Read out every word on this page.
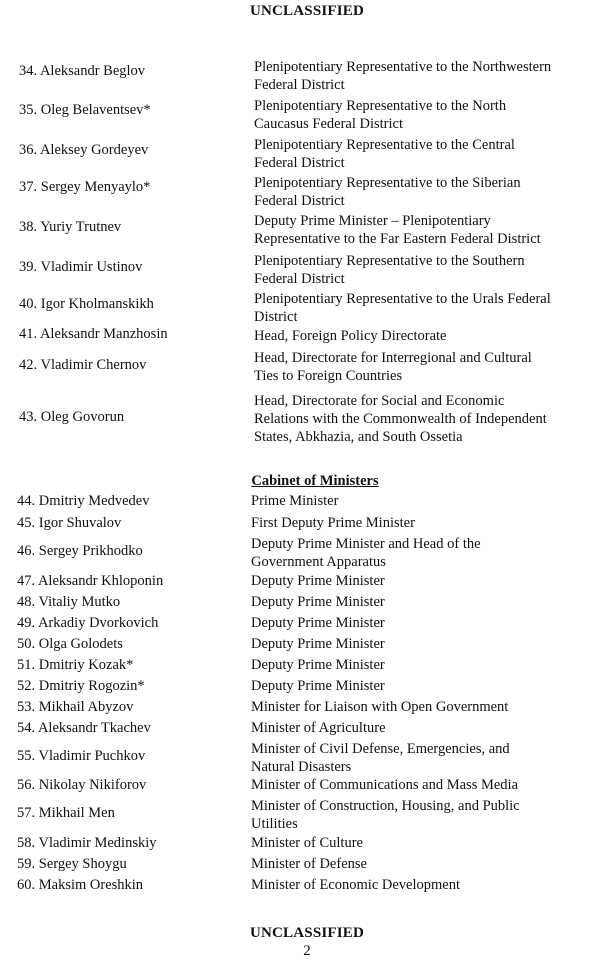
UNCLASSIFIED
34. Aleksandr Beglov	Plenipotentiary Representative to the Northwestern
Federal District
35. Oleg Belaventsev*	Plenipotentiary Representative to the North
Caucasus Federal District
36. Aleksey Gordeyev	Plenipotentiary Representative to the Central
Federal District
37. Sergey Menyaylo*	Plenipotentiary Representative to the Siberian
Federal District
38. Yuriy Trutnev	Deputy Prime Minister – Plenipotentiary
Representative to the Far Eastern Federal District
39. Vladimir Ustinov	Plenipotentiary Representative to the Southern
Federal District
40. Igor Kholmanskikh	Plenipotentiary Representative to the Urals Federal
District
41. Aleksandr Manzhosin	Head, Foreign Policy Directorate
42. Vladimir Chernov	Head, Directorate for Interregional and Cultural
Ties to Foreign Countries
43. Oleg Govorun
Head, Directorate for Social and Economic
Relations with the Commonwealth of Independent
States, Abkhazia, and South Ossetia
Cabinet of Ministers
44. Dmitriy Medvedev	Prime Minister
45. Igor Shuvalov	First Deputy Prime Minister
46. Sergey Prikhodko	Deputy Prime Minister and Head of the
Government Apparatus
47. Aleksandr Khloponin	Deputy Prime Minister
48. Vitaliy Mutko	Deputy Prime Minister
49. Arkadiy Dvorkovich	Deputy Prime Minister
50. Olga Golodets	Deputy Prime Minister
51. Dmitriy Kozak*	Deputy Prime Minister
52. Dmitriy Rogozin*	Deputy Prime Minister
53. Mikhail Abyzov	Minister for Liaison with Open Government
54. Aleksandr Tkachev	Minister of Agriculture
55. Vladimir Puchkov	Minister of Civil Defense, Emergencies, and
Natural Disasters
56. Nikolay Nikiforov	Minister of Communications and Mass Media
57. Mikhail Men	Minister of Construction, Housing, and Public
Utilities
58. Vladimir Medinskiy	Minister of Culture
59. Sergey Shoygu	Minister of Defense
60. Maksim Oreshkin	Minister of Economic Development
UNCLASSIFIED
2
